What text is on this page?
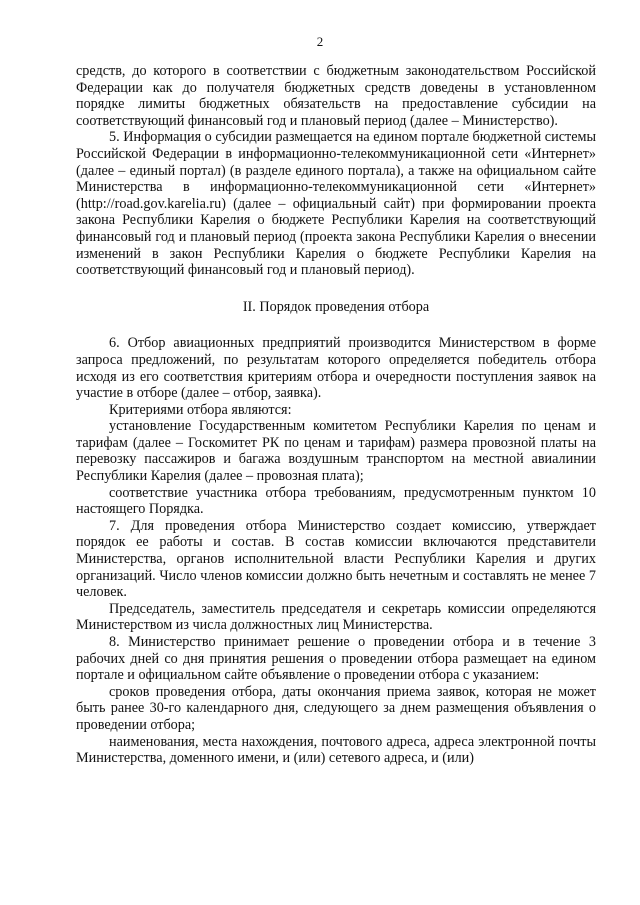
2

средств, до которого в соответствии с бюджетным законодательством Российской Федерации как до получателя бюджетных средств доведены в установленном порядке лимиты бюджетных обязательств на предоставление субсидии на соответствующий финансовый год и плановый период (далее – Министерство).

5. Информация о субсидии размещается на едином портале бюджетной системы Российской Федерации в информационно-телекоммуникационной сети «Интернет» (далее – единый портал) (в разделе единого портала), а также на официальном сайте Министерства в информационно-телекоммуникационной сети «Интернет» (http://road.gov.karelia.ru) (далее – официальный сайт) при формировании проекта закона Республики Карелия о бюджете Республики Карелия на соответствующий финансовый год и плановый период (проекта закона Республики Карелия о внесении изменений в закон Республики Карелия о бюджете Республики Карелия на соответствующий финансовый год и плановый период).

II. Порядок проведения отбора

6. Отбор авиационных предприятий производится Министерством в форме запроса предложений, по результатам которого определяется победитель отбора исходя из его соответствия критериям отбора и очередности поступления заявок на участие в отборе (далее – отбор, заявка).

Критериями отбора являются:

установление Государственным комитетом Республики Карелия по ценам и тарифам (далее – Госкомитет РК по ценам и тарифам) размера провозной платы на перевозку пассажиров и багажа воздушным транспортом на местной авиалинии Республики Карелия (далее – провозная плата);

соответствие участника отбора требованиям, предусмотренным пунктом 10 настоящего Порядка.

7. Для проведения отбора Министерство создает комиссию, утверждает порядок ее работы и состав. В состав комиссии включаются представители Министерства, органов исполнительной власти Республики Карелия и других организаций. Число членов комиссии должно быть нечетным и составлять не менее 7 человек.

Председатель, заместитель председателя и секретарь комиссии определяются Министерством из числа должностных лиц Министерства.

8. Министерство принимает решение о проведении отбора и в течение 3 рабочих дней со дня принятия решения о проведении отбора размещает на едином портале и официальном сайте объявление о проведении отбора с указанием:

сроков проведения отбора, даты окончания приема заявок, которая не может быть ранее 30-го календарного дня, следующего за днем размещения объявления о проведении отбора;

наименования, места нахождения, почтового адреса, адреса электронной почты Министерства, доменного имени, и (или) сетевого адреса, и (или)
